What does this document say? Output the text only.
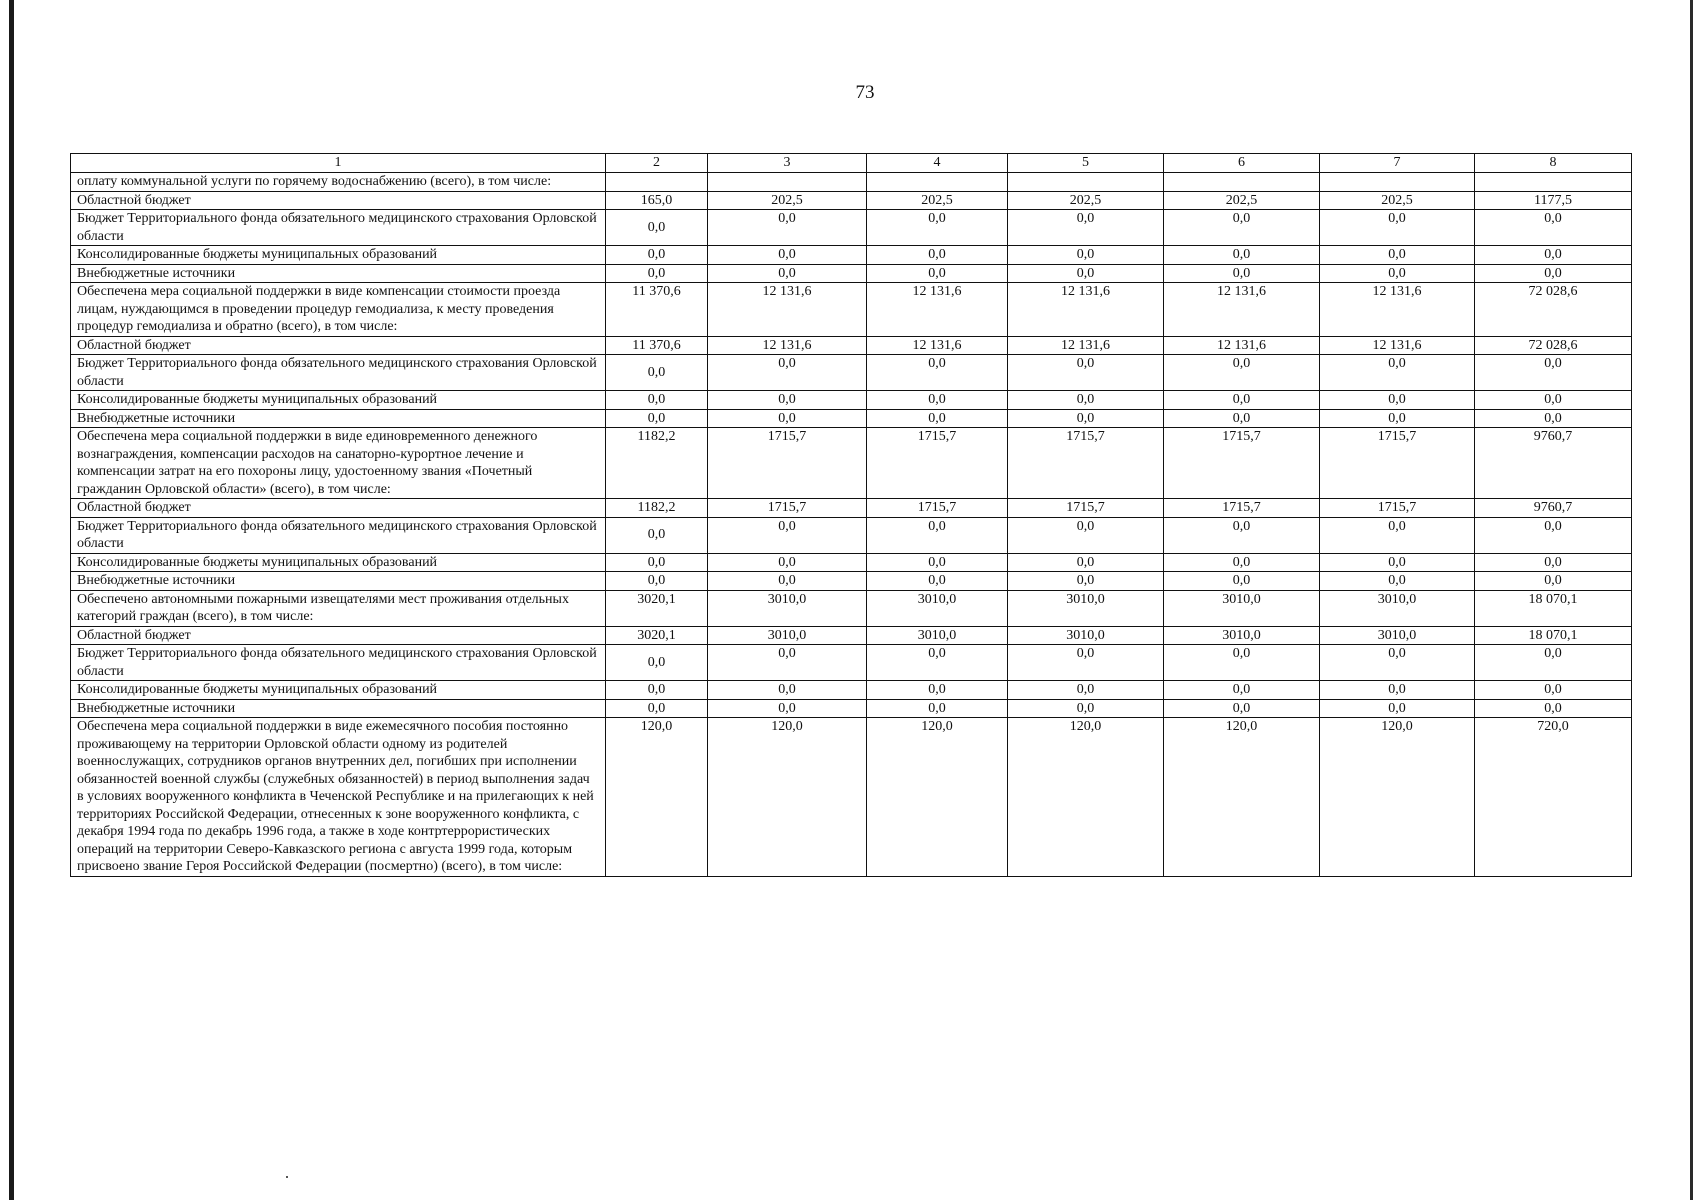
73
1	2	3	4	5	6	7	8
оплату коммунальной услуги по горячему водоснабжению (всего), в том числе:							
Областной бюджет	165,0	202,5	202,5	202,5	202,5	202,5	1177,5
Бюджет Территориального фонда обязательного медицинского страхования Орловской области	0,0	0,0	0,0	0,0	0,0	0,0	0,0
Консолидированные бюджеты муниципальных образований	0,0	0,0	0,0	0,0	0,0	0,0	0,0
Внебюджетные источники	0,0	0,0	0,0	0,0	0,0	0,0	0,0
Обеспечена мера социальной поддержки в виде компенсации стоимости проезда лицам, нуждающимся в проведении процедур гемодиализа, к месту проведения процедур гемодиализа и обратно (всего), в том числе:	11 370,6	12 131,6	12 131,6	12 131,6	12 131,6	12 131,6	72 028,6
Областной бюджет	11 370,6	12 131,6	12 131,6	12 131,6	12 131,6	12 131,6	72 028,6
Бюджет Территориального фонда обязательного медицинского страхования Орловской области	0,0	0,0	0,0	0,0	0,0	0,0	0,0
Консолидированные бюджеты муниципальных образований	0,0	0,0	0,0	0,0	0,0	0,0	0,0
Внебюджетные источники	0,0	0,0	0,0	0,0	0,0	0,0	0,0
Обеспечена мера социальной поддержки в виде единовременного денежного вознаграждения, компенсации расходов на санаторно-курортное лечение и компенсации затрат на его похороны лицу, удостоенному звания «Почетный гражданин Орловской области» (всего), в том числе:	1182,2	1715,7	1715,7	1715,7	1715,7	1715,7	9760,7
Областной бюджет	1182,2	1715,7	1715,7	1715,7	1715,7	1715,7	9760,7
Бюджет Территориального фонда обязательного медицинского страхования Орловской области	0,0	0,0	0,0	0,0	0,0	0,0	0,0
Консолидированные бюджеты муниципальных образований	0,0	0,0	0,0	0,0	0,0	0,0	0,0
Внебюджетные источники	0,0	0,0	0,0	0,0	0,0	0,0	0,0
Обеспечено автономными пожарными извещателями мест проживания отдельных категорий граждан (всего), в том числе:	3020,1	3010,0	3010,0	3010,0	3010,0	3010,0	18 070,1
Областной бюджет	3020,1	3010,0	3010,0	3010,0	3010,0	3010,0	18 070,1
Бюджет Территориального фонда обязательного медицинского страхования Орловской области	0,0	0,0	0,0	0,0	0,0	0,0	0,0
Консолидированные бюджеты муниципальных образований	0,0	0,0	0,0	0,0	0,0	0,0	0,0
Внебюджетные источники	0,0	0,0	0,0	0,0	0,0	0,0	0,0
Обеспечена мера социальной поддержки в виде ежемесячного пособия постоянно проживающему на территории Орловской области одному из родителей военнослужащих, сотрудников органов внутренних дел, погибших при исполнении обязанностей военной службы (служебных обязанностей) в период выполнения задач в условиях вооруженного конфликта в Чеченской Республике и на прилегающих к ней территориях Российской Федерации, отнесенных к зоне вооруженного конфликта, с декабря 1994 года по декабрь 1996 года, а также в ходе контртеррористических операций на территории Северо-Кавказского региона с августа 1999 года, которым присвоено звание Героя Российской Федерации (посмертно) (всего), в том числе:	120,0	120,0	120,0	120,0	120,0	120,0	720,0
